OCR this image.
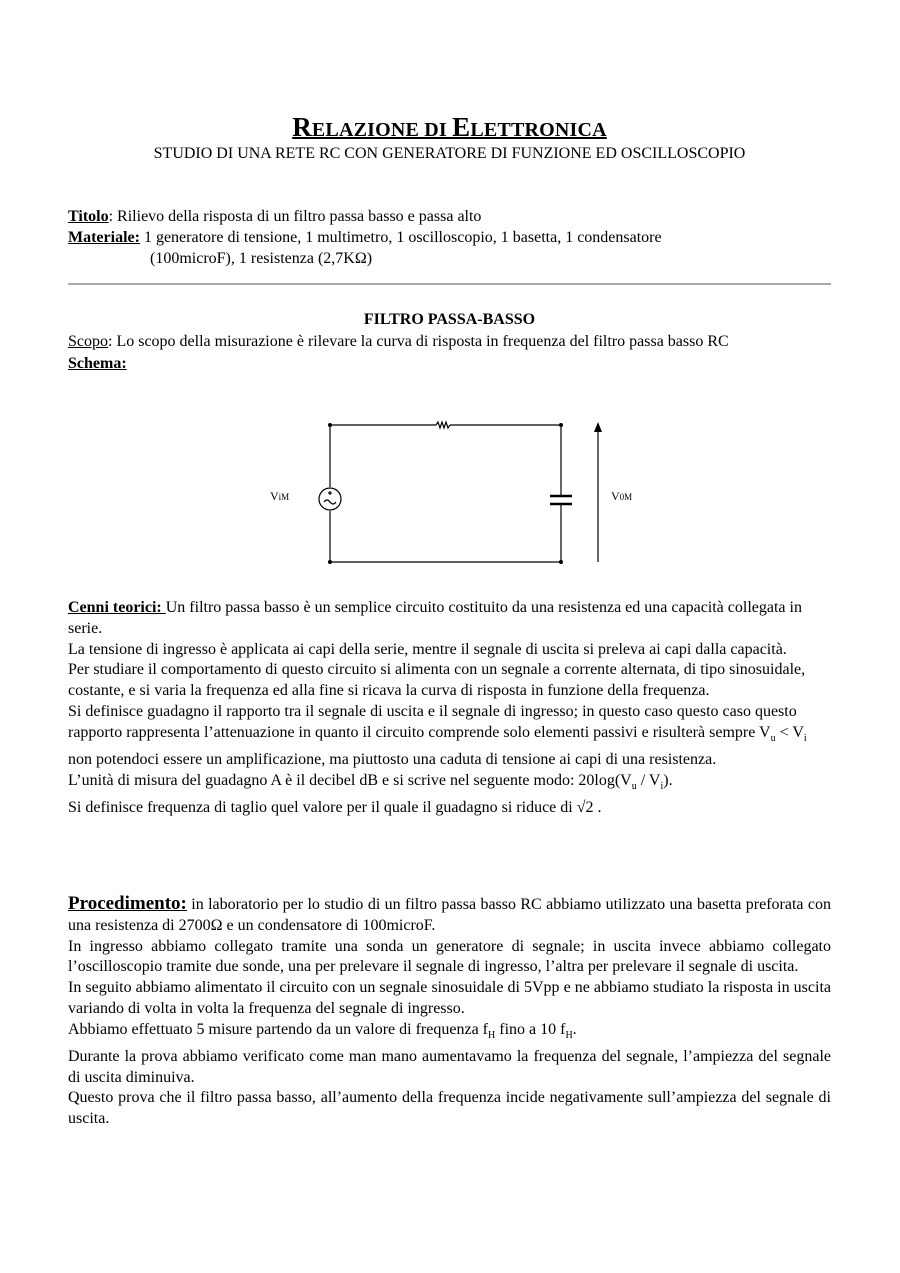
RELAZIONE DI ELETTRONICA
STUDIO DI UNA RETE RC CON GENERATORE DI FUNZIONE ED OSCILLOSCOPIO
Titolo: Rilievo della risposta di un filtro passa basso e passa alto
Materiale: 1 generatore di tensione, 1 multimetro, 1 oscilloscopio, 1 basetta, 1 condensatore
(100microF), 1 resistenza (2,7KΩ)
FILTRO PASSA-BASSO
Scopo: Lo scopo della misurazione è rilevare la curva di risposta in frequenza del filtro passa basso RC
Schema:
ViM	V0M
Cenni teorici: Un filtro passa basso è un semplice circuito costituito da una resistenza ed una capacità collegata in serie.
La tensione di ingresso è applicata ai capi della serie, mentre il segnale di uscita si preleva ai capi dalla capacità.
Per studiare il comportamento di questo circuito si alimenta con un segnale a corrente alternata, di tipo sinosuidale, costante, e si varia la frequenza ed alla fine si ricava la curva di risposta in funzione della frequenza.
Si definisce guadagno il rapporto tra il segnale di uscita e il segnale di ingresso; in questo caso questo caso questo rapporto rappresenta l’attenuazione in quanto il circuito comprende solo elementi passivi e risulterà sempre $V_u < V_i$ non potendoci essere un amplificazione, ma piuttosto una caduta di tensione ai capi di una resistenza.
L’unità di misura del guadagno A è il decibel dB e si scrive nel seguente modo: $20\log(V_u / V_i)$.
Si definisce frequenza di taglio quel valore per il quale il guadagno si riduce di √2 .
Procedimento: in laboratorio per lo studio di un filtro passa basso RC abbiamo utilizzato una basetta preforata con una resistenza di 2700Ω e un condensatore di 100microF.
In ingresso abbiamo collegato tramite una sonda un generatore di segnale; in uscita invece abbiamo collegato l’oscilloscopio tramite due sonde, una per prelevare il segnale di ingresso, l’altra per prelevare il segnale di uscita.
In seguito abbiamo alimentato il circuito con un segnale sinosuidale di 5Vpp e ne abbiamo studiato la risposta in uscita variando di volta in volta la frequenza del segnale di ingresso.
Abbiamo effettuato 5 misure partendo da un valore di frequenza $f_H$ fino a 10 $f_H$.
Durante la prova abbiamo verificato come man mano aumentavamo la frequenza del segnale, l’ampiezza del segnale di uscita diminuiva.
Questo prova che il filtro passa basso, all’aumento della frequenza incide negativamente sull’ampiezza del segnale di uscita.
